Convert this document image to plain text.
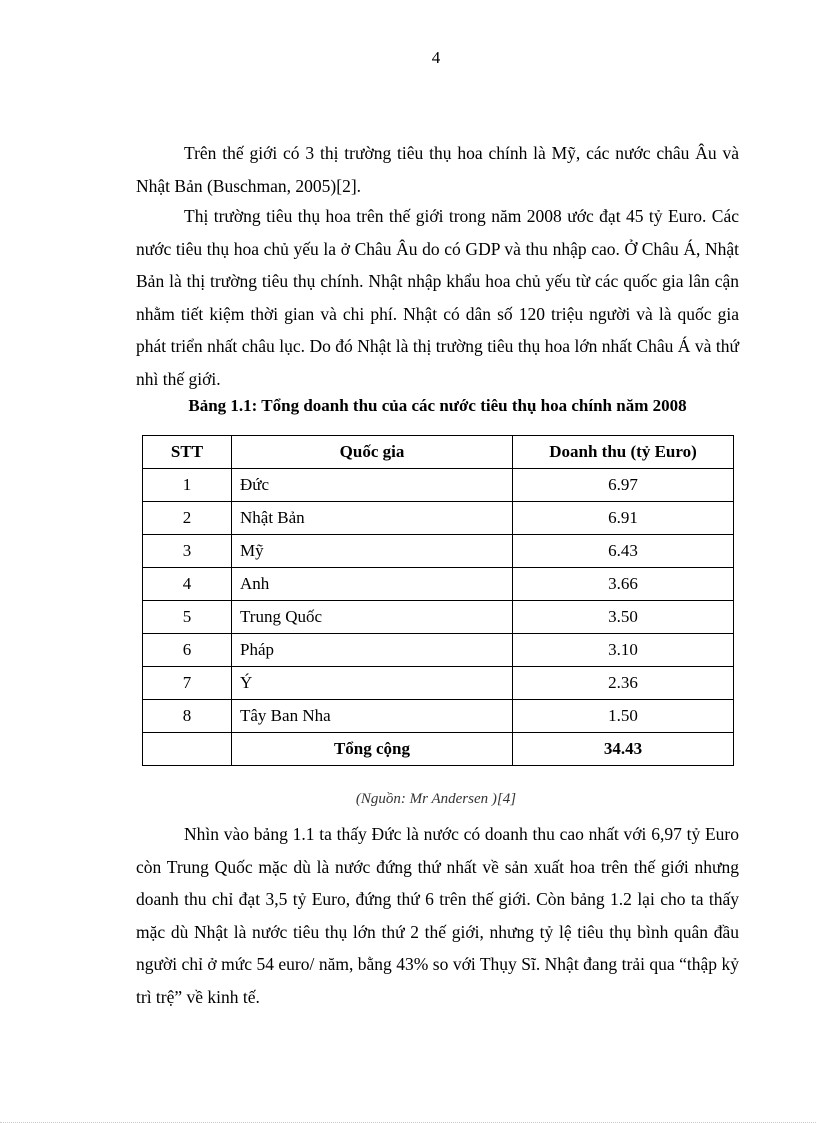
4

Trên thế giới có 3 thị trường tiêu thụ hoa chính là Mỹ, các nước châu Âu và Nhật Bản (Buschman, 2005)[2].

Thị trường tiêu thụ hoa trên thế giới trong năm 2008 ước đạt 45 tỷ Euro. Các nước tiêu thụ hoa chủ yếu la ở Châu Âu do có GDP và thu nhập cao. Ở Châu Á, Nhật Bản là thị trường tiêu thụ chính. Nhật nhập khẩu hoa chủ yếu từ các quốc gia lân cận nhằm tiết kiệm thời gian và chi phí. Nhật có dân số 120 triệu người và là quốc gia phát triển nhất châu lục. Do đó Nhật là thị trường tiêu thụ hoa lớn nhất Châu Á và thứ nhì thế giới.

Bảng 1.1: Tổng doanh thu của các nước tiêu thụ hoa chính năm 2008
STT	Quốc gia	Doanh thu (tỷ Euro)
1	Đức	6.97
2	Nhật Bản	6.91
3	Mỹ	6.43
4	Anh	3.66
5	Trung Quốc	3.50
6	Pháp	3.10
7	Ý	2.36
8	Tây Ban Nha	1.50
	Tổng cộng	34.43
(Nguồn: Mr Andersen )[4]

Nhìn vào bảng 1.1 ta thấy Đức là nước có doanh thu cao nhất với 6,97 tỷ Euro còn Trung Quốc mặc dù là nước đứng thứ nhất về sản xuất hoa trên thế giới nhưng doanh thu chỉ đạt 3,5 tỷ Euro, đứng thứ 6 trên thế giới. Còn bảng 1.2 lại cho ta thấy mặc dù Nhật là nước tiêu thụ lớn thứ 2 thế giới, nhưng tỷ lệ tiêu thụ bình quân đầu người chỉ ở mức 54 euro/ năm, bằng 43% so với Thụy Sĩ. Nhật đang trải qua “thập kỷ trì trệ” về kinh tế.
